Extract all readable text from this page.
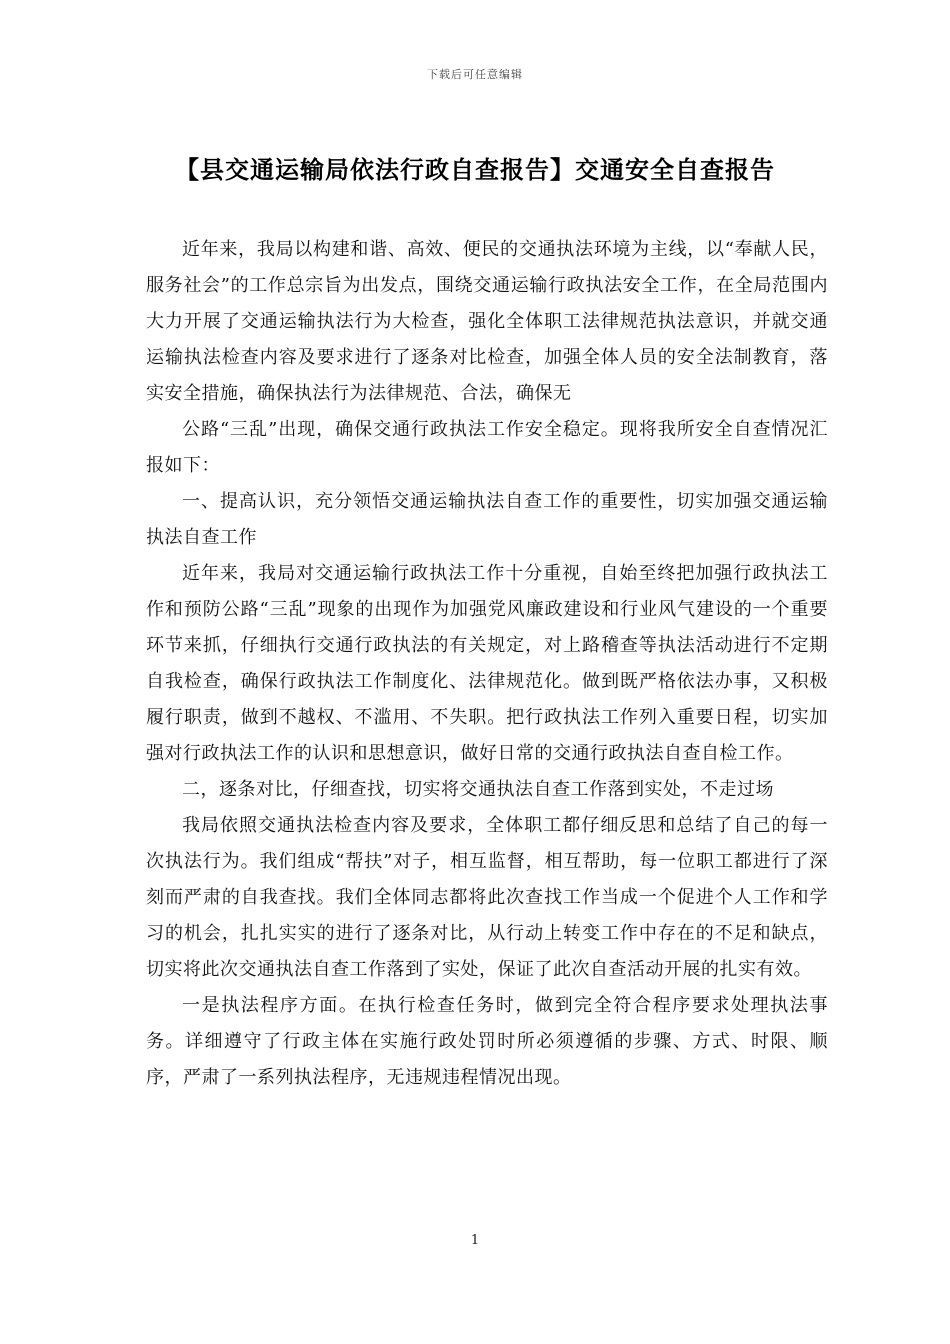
下载后可任意编辑
【县交通运输局依法行政自查报告】交通安全自查报告

近年来，我局以构建和谐、高效、便民的交通执法环境为主线，以“奉献人民，服务社会”的工作总宗旨为出发点，围绕交通运输行政执法安全工作，在全局范围内大力开展了交通运输执法行为大检查，强化全体职工法律规范执法意识，并就交通运输执法检查内容及要求进行了逐条对比检查，加强全体人员的安全法制教育，落实安全措施，确保执法行为法律规范、合法，确保无

公路“三乱”出现，确保交通行政执法工作安全稳定。现将我所安全自查情况汇报如下：

一、提高认识，充分领悟交通运输执法自查工作的重要性，切实加强交通运输执法自查工作

近年来，我局对交通运输行政执法工作十分重视，自始至终把加强行政执法工作和预防公路“三乱”现象的出现作为加强党风廉政建设和行业风气建设的一个重要环节来抓，仔细执行交通行政执法的有关规定，对上路稽查等执法活动进行不定期自我检查，确保行政执法工作制度化、法律规范化。做到既严格依法办事，又积极履行职责，做到不越权、不滥用、不失职。把行政执法工作列入重要日程，切实加强对行政执法工作的认识和思想意识，做好日常的交通行政执法自查自检工作。

二，逐条对比，仔细查找，切实将交通执法自查工作落到实处，不走过场

我局依照交通执法检查内容及要求，全体职工都仔细反思和总结了自己的每一次执法行为。我们组成“帮扶”对子，相互监督，相互帮助，每一位职工都进行了深刻而严肃的自我查找。我们全体同志都将此次查找工作当成一个促进个人工作和学习的机会，扎扎实实的进行了逐条对比，从行动上转变工作中存在的不足和缺点，切实将此次交通执法自查工作落到了实处，保证了此次自查活动开展的扎实有效。

一是执法程序方面。在执行检查任务时，做到完全符合程序要求处理执法事务。详细遵守了行政主体在实施行政处罚时所必须遵循的步骤、方式、时限、顺序，严肃了一系列执法程序，无违规违程情况出现。

1
